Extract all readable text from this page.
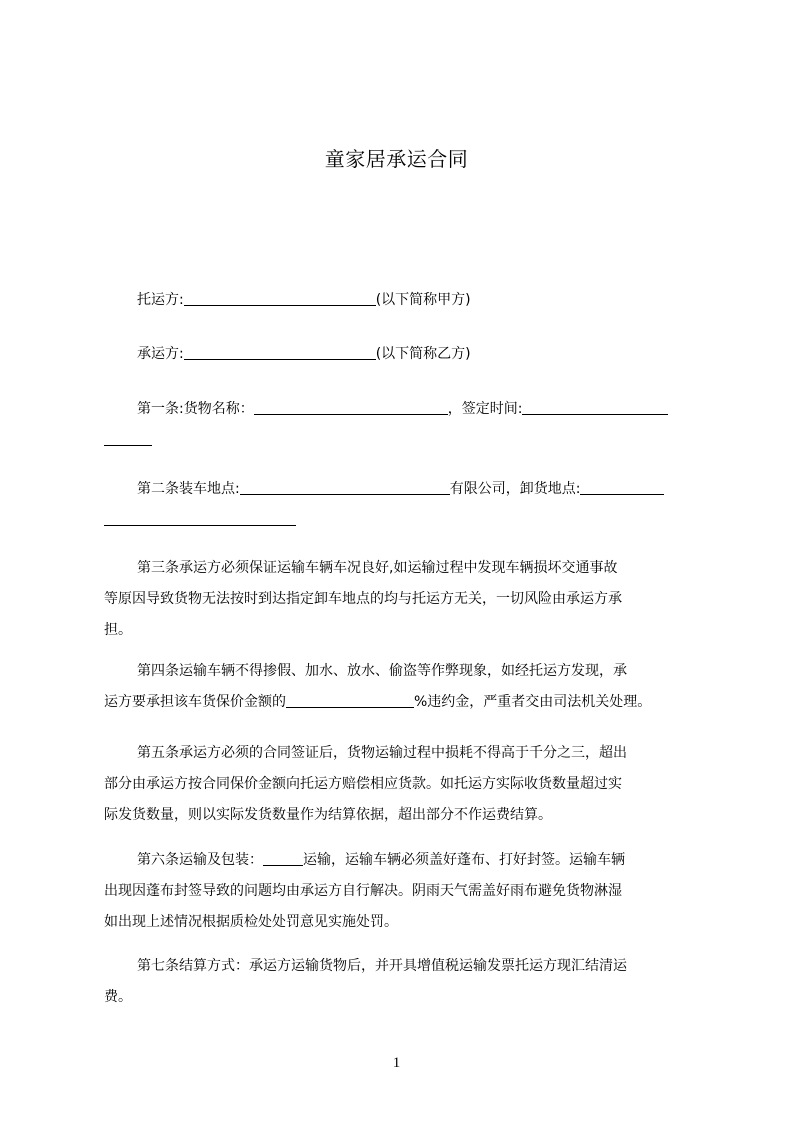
童家居承运合同
托运方:	(以下简称甲方)
承运方:	(以下简称乙方)
第一条:货物名称：	，签定时间:
第二条装车地点:	有限公司，卸货地点:
第三条承运方必须保证运输车辆车况良好,如运输过程中发现车辆损坏交通事故
等原因导致货物无法按时到达指定卸车地点的均与托运方无关，一切风险由承运方承
担。
第四条运输车辆不得掺假、加水、放水、偷盗等作弊现象，如经托运方发现，承
运方要承担该车货保价金额的	%违约金，严重者交由司法机关处理。
第五条承运方必须的合同签证后，货物运输过程中损耗不得高于千分之三，超出
部分由承运方按合同保价金额向托运方赔偿相应货款。如托运方实际收货数量超过实
际发货数量，则以实际发货数量作为结算依据，超出部分不作运费结算。
第六条运输及包装：	运输，运输车辆必须盖好蓬布、打好封签。运输车辆
出现因蓬布封签导致的问题均由承运方自行解决。阴雨天气需盖好雨布避免货物淋湿
如出现上述情况根据质检处处罚意见实施处罚。
第七条结算方式：承运方运输货物后，并开具增值税运输发票托运方现汇结清运
费。
1
